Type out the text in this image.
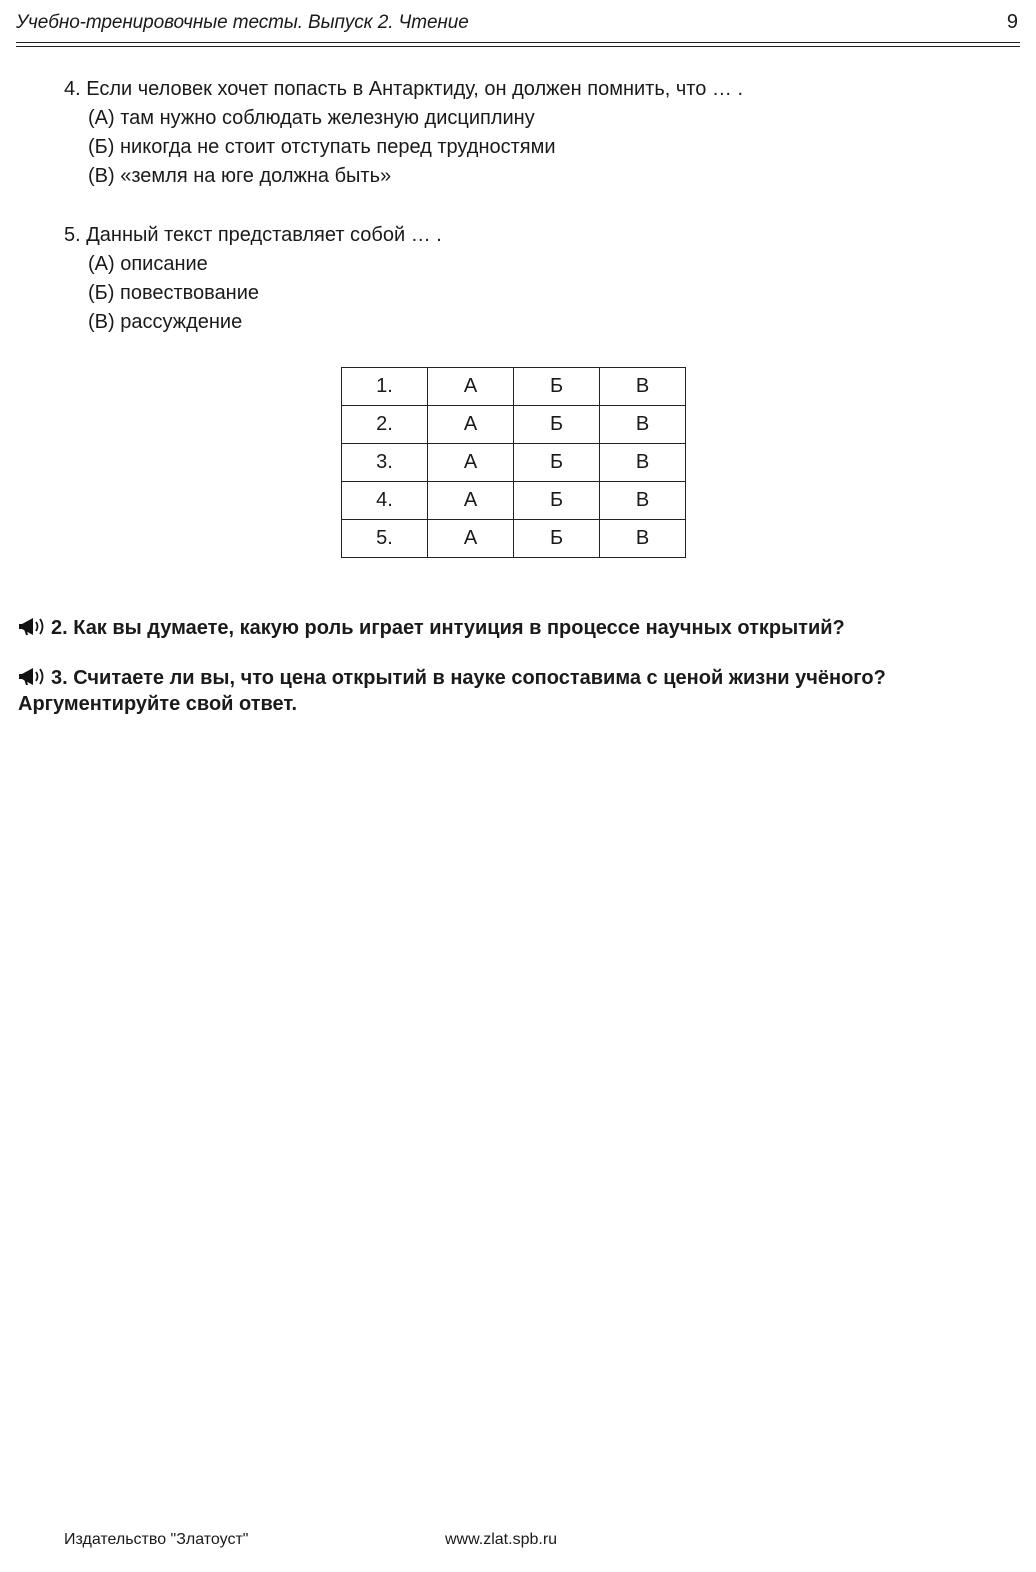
Учебно-тренировочные тесты. Выпуск 2. Чтение	9
4. Если человек хочет попасть в Антарктиду, он должен помнить, что … .
(А) там нужно соблюдать железную дисциплину
(Б) никогда не стоит отступать перед трудностями
(В) «земля на юге должна быть»
5. Данный текст представляет собой … .
(А) описание
(Б) повествование
(В) рассуждение
1.	А	Б	В
2.	А	Б	В
3.	А	Б	В
4.	А	Б	В
5.	А	Б	В
2. Как вы думаете, какую роль играет интуиция в процессе научных открытий?
3. Считаете ли вы, что цена открытий в науке сопоставима с ценой жизни учёного? Аргументируйте свой ответ.
Издательство "Златоуст"	www.zlat.spb.ru
